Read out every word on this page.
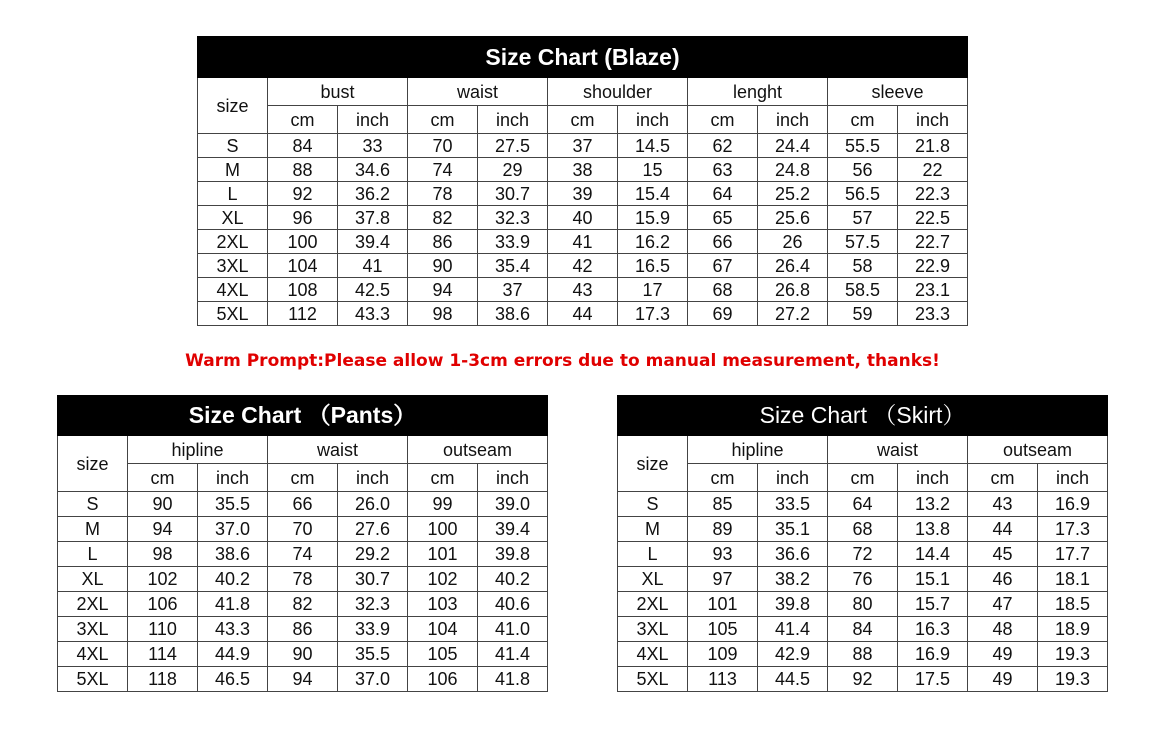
Size Chart (Blaze)										
size	bust		waist		shoulder		lenght		sleeve	
	cm	inch	cm	inch	cm	inch	cm	inch	cm	inch
S	84	33	70	27.5	37	14.5	62	24.4	55.5	21.8
M	88	34.6	74	29	38	15	63	24.8	56	22
L	92	36.2	78	30.7	39	15.4	64	25.2	56.5	22.3
XL	96	37.8	82	32.3	40	15.9	65	25.6	57	22.5
2XL	100	39.4	86	33.9	41	16.2	66	26	57.5	22.7
3XL	104	41	90	35.4	42	16.5	67	26.4	58	22.9
4XL	108	42.5	94	37	43	17	68	26.8	58.5	23.1
5XL	112	43.3	98	38.6	44	17.3	69	27.2	59	23.3
Warm Prompt:Please allow 1-3cm errors due to manual measurement, thanks!
Size Chart （Pants）						
size	hipline		waist		outseam	
	cm	inch	cm	inch	cm	inch
S	90	35.5	66	26.0	99	39.0
M	94	37.0	70	27.6	100	39.4
L	98	38.6	74	29.2	101	39.8
XL	102	40.2	78	30.7	102	40.2
2XL	106	41.8	82	32.3	103	40.6
3XL	110	43.3	86	33.9	104	41.0
4XL	114	44.9	90	35.5	105	41.4
5XL	118	46.5	94	37.0	106	41.8
Size Chart （Skirt）						
size	hipline		waist		outseam	
	cm	inch	cm	inch	cm	inch
S	85	33.5	64	13.2	43	16.9
M	89	35.1	68	13.8	44	17.3
L	93	36.6	72	14.4	45	17.7
XL	97	38.2	76	15.1	46	18.1
2XL	101	39.8	80	15.7	47	18.5
3XL	105	41.4	84	16.3	48	18.9
4XL	109	42.9	88	16.9	49	19.3
5XL	113	44.5	92	17.5	49	19.3
